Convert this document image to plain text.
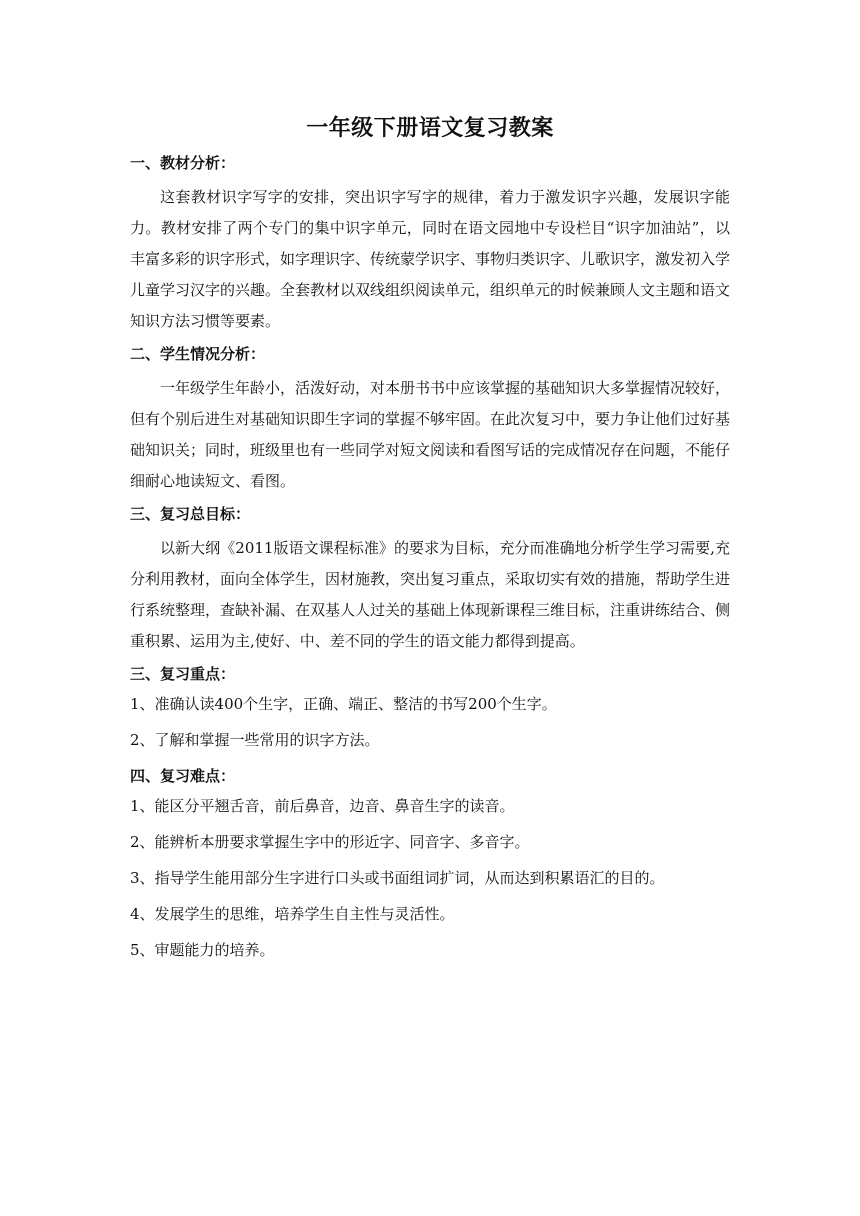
一年级下册语文复习教案
一、教材分析：
这套教材识字写字的安排，突出识字写字的规律，着力于激发识字兴趣，发展识字能力。教材安排了两个专门的集中识字单元，同时在语文园地中专设栏目“识字加油站”，以丰富多彩的识字形式，如字理识字、传统蒙学识字、事物归类识字、儿歌识字，激发初入学儿童学习汉字的兴趣。全套教材以双线组织阅读单元，组织单元的时候兼顾人文主题和语文知识方法习惯等要素。
二、学生情况分析：
一年级学生年龄小，活泼好动，对本册书书中应该掌握的基础知识大多掌握情况较好，但有个别后进生对基础知识即生字词的掌握不够牢固。在此次复习中，要力争让他们过好基础知识关；同时，班级里也有一些同学对短文阅读和看图写话的完成情况存在问题，不能仔细耐心地读短文、看图。
三、复习总目标：
以新大纲《2011版语文课程标准》的要求为目标，充分而准确地分析学生学习需要,充分利用教材，面向全体学生，因材施教，突出复习重点，采取切实有效的措施，帮助学生进行系统整理，查缺补漏、在双基人人过关的基础上体现新课程三维目标，注重讲练结合、侧重积累、运用为主,使好、中、差不同的学生的语文能力都得到提高。
三、复习重点：
1、准确认读400个生字，正确、端正、整洁的书写200个生字。
2、了解和掌握一些常用的识字方法。
四、复习难点：
1、能区分平翘舌音，前后鼻音，边音、鼻音生字的读音。
2、能辨析本册要求掌握生字中的形近字、同音字、多音字。
3、指导学生能用部分生字进行口头或书面组词扩词，从而达到积累语汇的目的。
4、发展学生的思维，培养学生自主性与灵活性。
5、审题能力的培养。
